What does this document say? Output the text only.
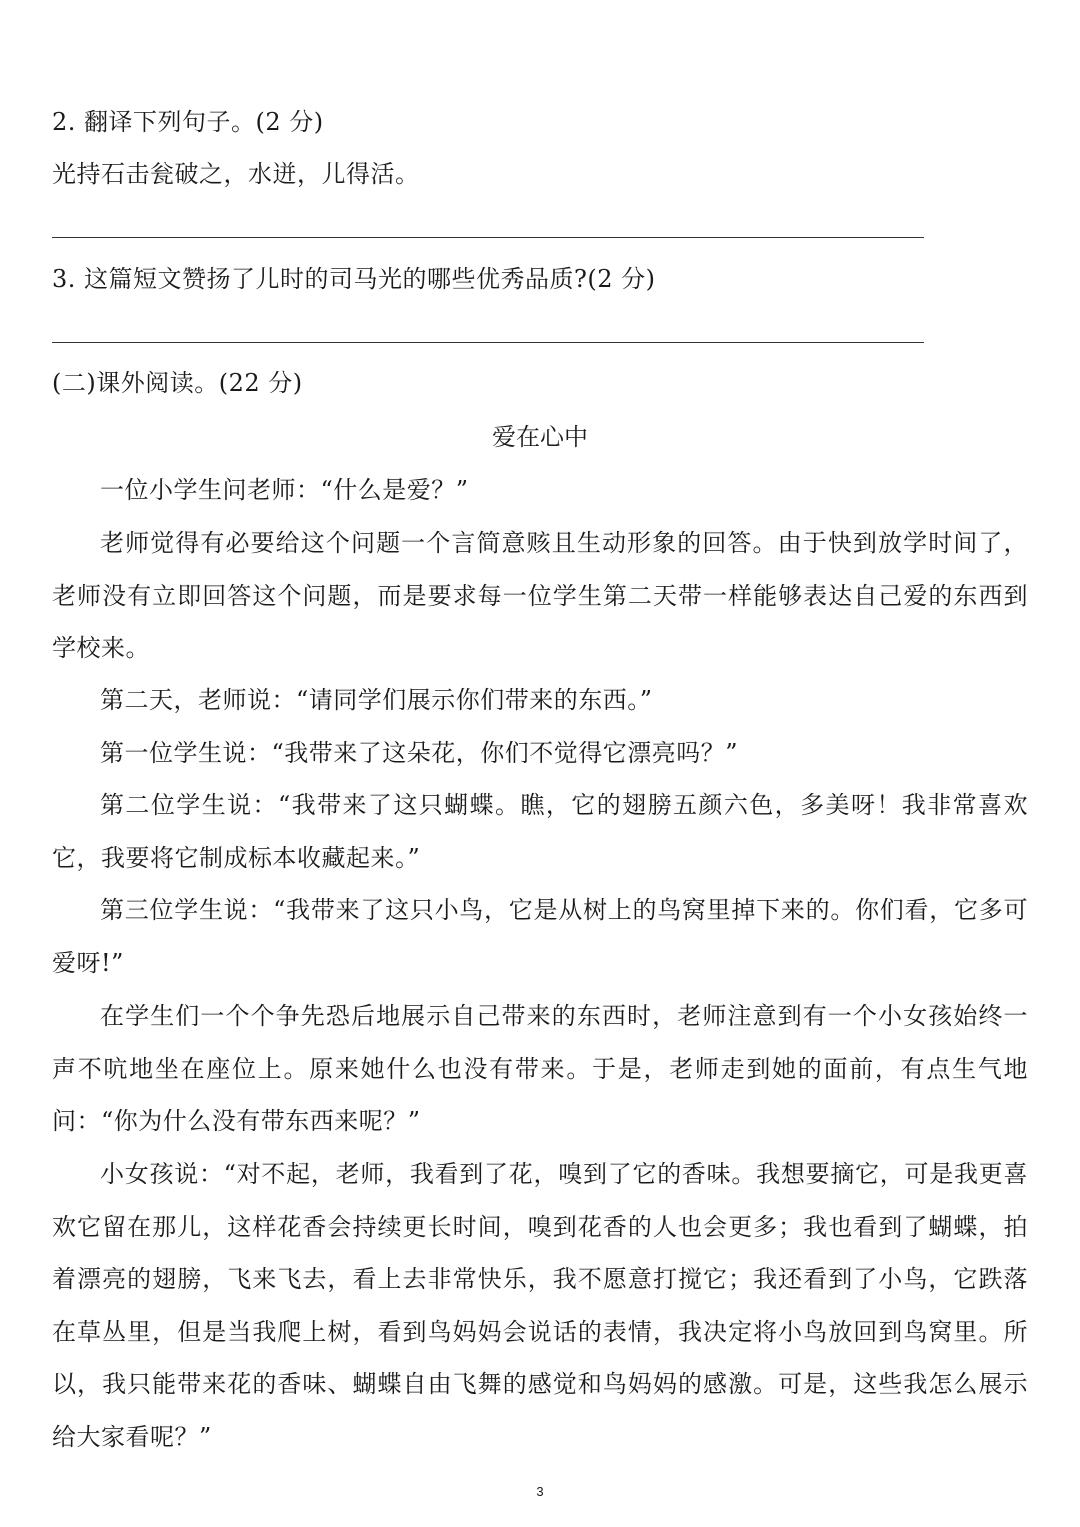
2. 翻译下列句子。(2 分)
光持石击瓮破之，水迸，儿得活。
3. 这篇短文赞扬了儿时的司马光的哪些优秀品质?(2 分)
(二)课外阅读。(22 分)
爱在心中
一位小学生问老师：“什么是爱？”
老师觉得有必要给这个问题一个言简意赅且生动形象的回答。由于快到放学时间了，老师没有立即回答这个问题，而是要求每一位学生第二天带一样能够表达自己爱的东西到学校来。
第二天，老师说：“请同学们展示你们带来的东西。”
第一位学生说：“我带来了这朵花，你们不觉得它漂亮吗？”
第二位学生说：“我带来了这只蝴蝶。瞧，它的翅膀五颜六色，多美呀！我非常喜欢它，我要将它制成标本收藏起来。”
第三位学生说：“我带来了这只小鸟，它是从树上的鸟窝里掉下来的。你们看，它多可爱呀!”
在学生们一个个争先恐后地展示自己带来的东西时，老师注意到有一个小女孩始终一声不吭地坐在座位上。原来她什么也没有带来。于是，老师走到她的面前，有点生气地问：“你为什么没有带东西来呢？”
小女孩说：“对不起，老师，我看到了花，嗅到了它的香味。我想要摘它，可是我更喜欢它留在那儿，这样花香会持续更长时间，嗅到花香的人也会更多；我也看到了蝴蝶，拍着漂亮的翅膀，飞来飞去，看上去非常快乐，我不愿意打搅它；我还看到了小鸟，它跌落在草丛里，但是当我爬上树，看到鸟妈妈会说话的表情，我决定将小鸟放回到鸟窝里。所以，我只能带来花的香味、蝴蝶自由飞舞的感觉和鸟妈妈的感激。可是，这些我怎么展示给大家看呢？”
3
